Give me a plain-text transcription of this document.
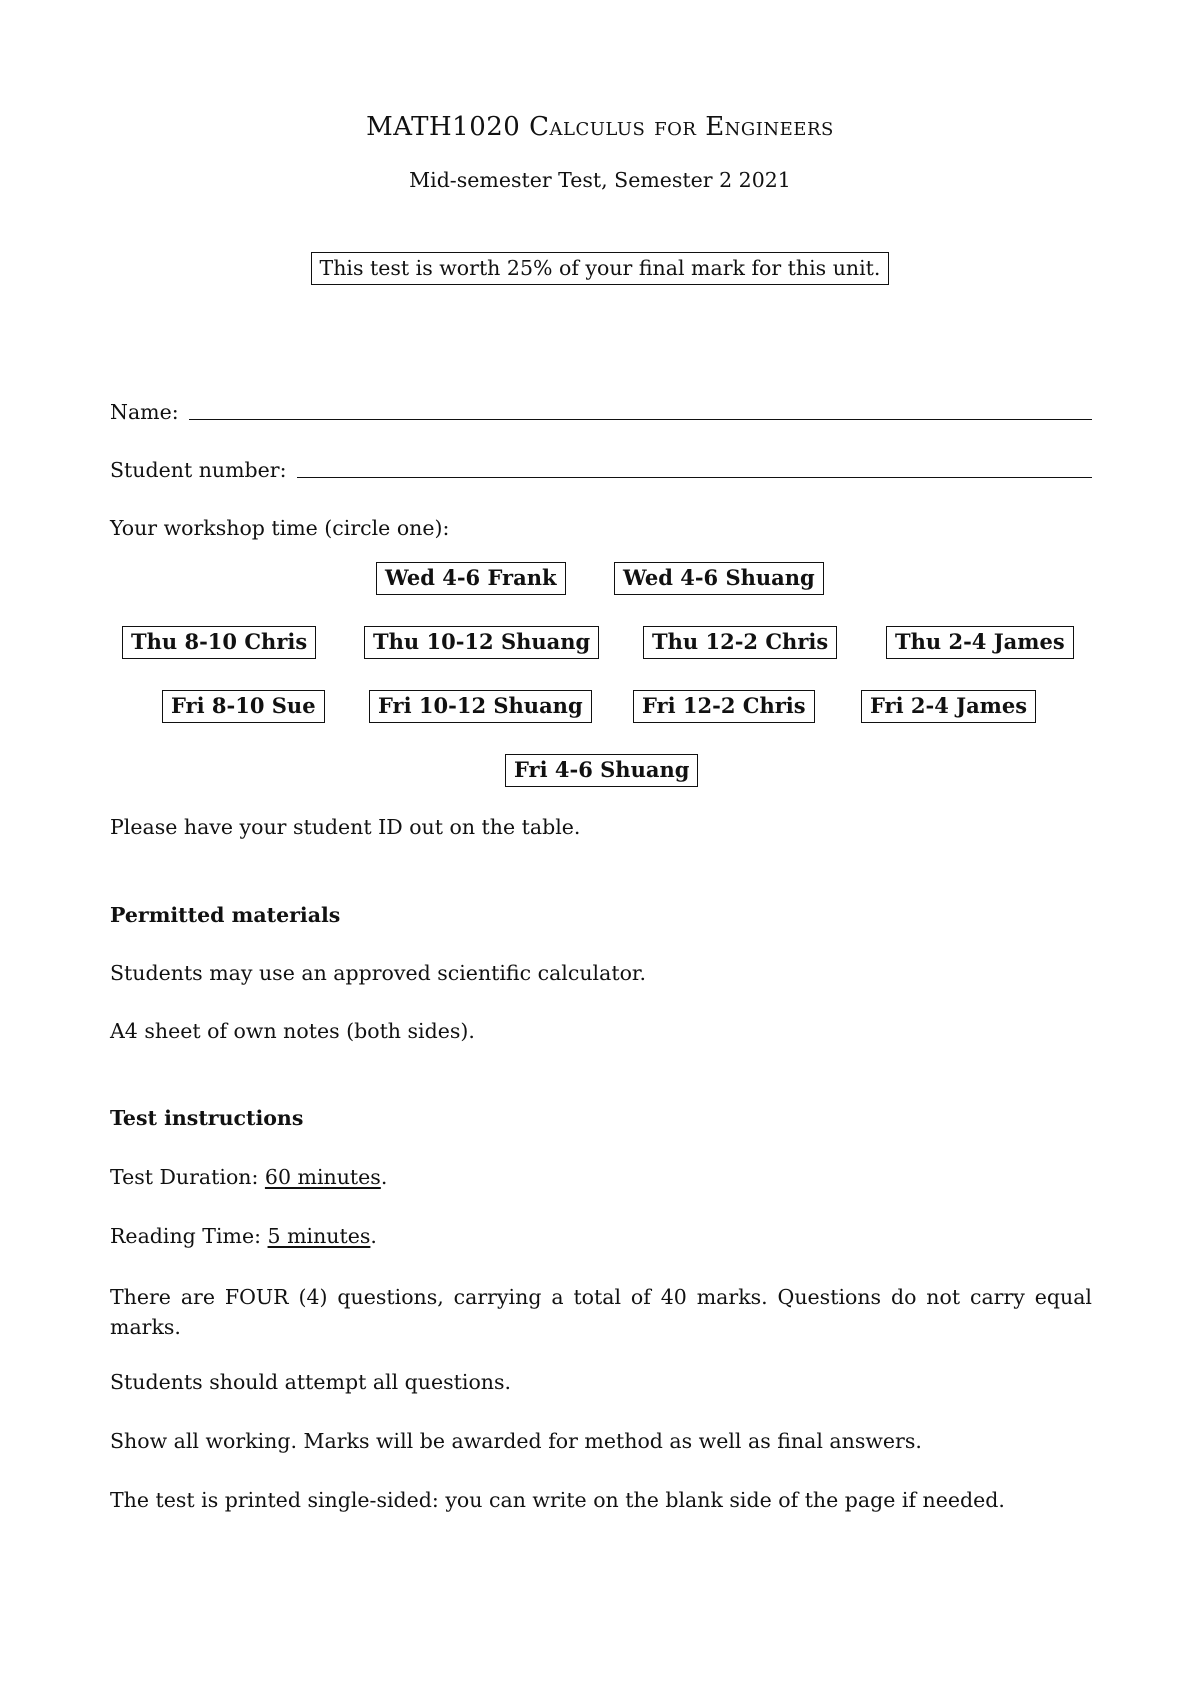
MATH1020 Calculus for Engineers
Mid-semester Test, Semester 2 2021
This test is worth 25% of your final mark for this unit.
Name:
Student number:
Your workshop time (circle one):
Wed 4-6 Frank	Wed 4-6 Shuang
Thu 8-10 Chris	Thu 10-12 Shuang	Thu 12-2 Chris	Thu 2-4 James
Fri 8-10 Sue	Fri 10-12 Shuang	Fri 12-2 Chris	Fri 2-4 James
Fri 4-6 Shuang
Please have your student ID out on the table.
Permitted materials
Students may use an approved scientific calculator.
A4 sheet of own notes (both sides).
Test instructions
Test Duration: 60 minutes.
Reading Time: 5 minutes.
There are FOUR (4) questions, carrying a total of 40 marks. Questions do not carry equal marks.
Students should attempt all questions.
Show all working. Marks will be awarded for method as well as final answers.
The test is printed single-sided: you can write on the blank side of the page if needed.
